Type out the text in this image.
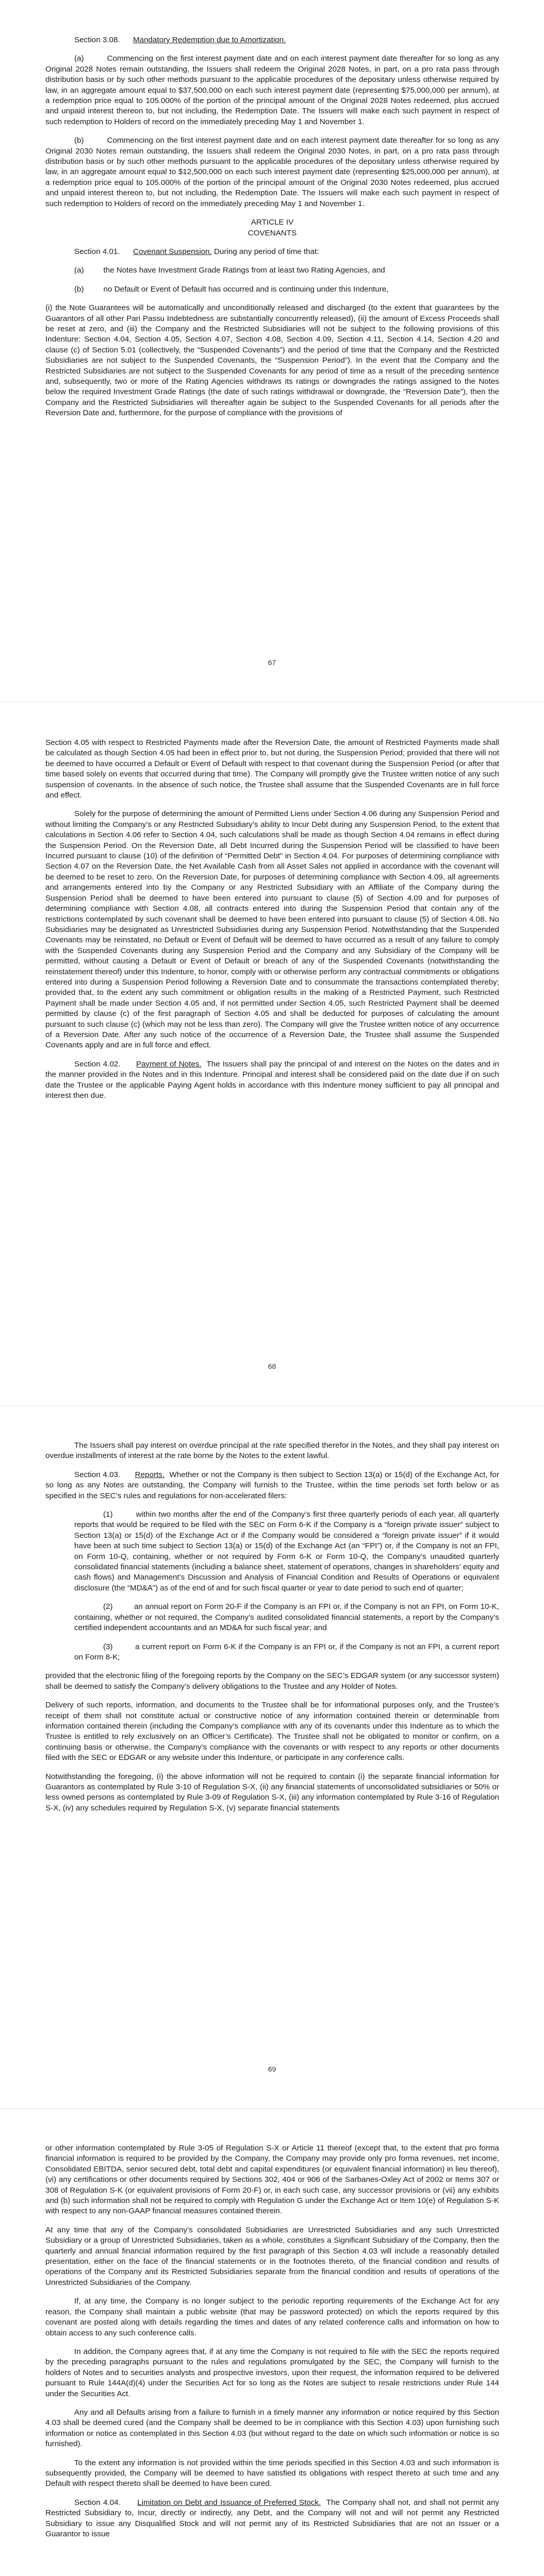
Section 3.08. Mandatory Redemption due to Amortization.

(a)	Commencing on the first interest payment date and on each interest payment date thereafter for so long as any Original 2028 Notes remain outstanding, the Issuers shall redeem the Original 2028 Notes, in part, on a pro rata pass through distribution basis or by such other methods pursuant to the applicable procedures of the depositary unless otherwise required by law, in an aggregate amount equal to $37,500,000 on each such interest payment date (representing $75,000,000 per annum), at a redemption price equal to 105.000% of the portion of the principal amount of the Original 2028 Notes redeemed, plus accrued and unpaid interest thereon to, but not including, the Redemption Date. The Issuers will make each such payment in respect of such redemption to Holders of record on the immediately preceding May 1 and November 1.

(b)	Commencing on the first interest payment date and on each interest payment date thereafter for so long as any Original 2030 Notes remain outstanding, the Issuers shall redeem the Original 2030 Notes, in part, on a pro rata pass through distribution basis or by such other methods pursuant to the applicable procedures of the depositary unless otherwise required by law, in an aggregate amount equal to $12,500,000 on each such interest payment date (representing $25,000,000 per annum), at a redemption price equal to 105.000% of the portion of the principal amount of the Original 2030 Notes redeemed, plus accrued and unpaid interest thereon to, but not including, the Redemption Date. The Issuers will make each such payment in respect of such redemption to Holders of record on the immediately preceding May 1 and November 1.

ARTICLE IV

COVENANTS

Section 4.01. Covenant Suspension. During any period of time that:

(a) the Notes have Investment Grade Ratings from at least two Rating Agencies, and

(b) no Default or Event of Default has occurred and is continuing under this Indenture,

(i) the Note Guarantees will be automatically and unconditionally released and discharged (to the extent that guarantees by the Guarantors of all other Pari Passu Indebtedness are substantially concurrently released), (ii) the amount of Excess Proceeds shall be reset at zero, and (iii) the Company and the Restricted Subsidiaries will not be subject to the following provisions of this Indenture: Section 4.04, Section 4.05, Section 4.07, Section 4.08, Section 4.09, Section 4.11, Section 4.14, Section 4.20 and clause (c) of Section 5.01 (collectively, the “Suspended Covenants”) and the period of time that the Company and the Restricted Subsidiaries are not subject to the Suspended Covenants, the “Suspension Period”). In the event that the Company and the Restricted Subsidiaries are not subject to the Suspended Covenants for any period of time as a result of the preceding sentence and, subsequently, two or more of the Rating Agencies withdraws its ratings or downgrades the ratings assigned to the Notes below the required Investment Grade Ratings (the date of such ratings withdrawal or downgrade, the “Reversion Date”), then the Company and the Restricted Subsidiaries will thereafter again be subject to the Suspended Covenants for all periods after the Reversion Date and, furthermore, for the purpose of compliance with the provisions of

67

Section 4.05 with respect to Restricted Payments made after the Reversion Date, the amount of Restricted Payments made shall be calculated as though Section 4.05 had been in effect prior to, but not during, the Suspension Period; provided that there will not be deemed to have occurred a Default or Event of Default with respect to that covenant during the Suspension Period (or after that time based solely on events that occurred during that time). The Company will promptly give the Trustee written notice of any such suspension of covenants. In the absence of such notice, the Trustee shall assume that the Suspended Covenants are in full force and effect.

Solely for the purpose of determining the amount of Permitted Liens under Section 4.06 during any Suspension Period and without limiting the Company’s or any Restricted Subsidiary’s ability to Incur Debt during any Suspension Period, to the extent that calculations in Section 4.06 refer to Section 4.04, such calculations shall be made as though Section 4.04 remains in effect during the Suspension Period. On the Reversion Date, all Debt Incurred during the Suspension Period will be classified to have been Incurred pursuant to clause (10) of the definition of “Permitted Debt” in Section 4.04. For purposes of determining compliance with Section 4.07 on the Reversion Date, the Net Available Cash from all Asset Sales not applied in accordance with the covenant will be deemed to be reset to zero. On the Reversion Date, for purposes of determining compliance with Section 4.09, all agreements and arrangements entered into by the Company or any Restricted Subsidiary with an Affiliate of the Company during the Suspension Period shall be deemed to have been entered into pursuant to clause (5) of Section 4.09 and for purposes of determining compliance with Section 4.08, all contracts entered into during the Suspension Period that contain any of the restrictions contemplated by such covenant shall be deemed to have been entered into pursuant to clause (5) of Section 4.08. No Subsidiaries may be designated as Unrestricted Subsidiaries during any Suspension Period. Notwithstanding that the Suspended Covenants may be reinstated, no Default or Event of Default will be deemed to have occurred as a result of any failure to comply with the Suspended Covenants during any Suspension Period and the Company and any Subsidiary of the Company will be permitted, without causing a Default or Event of Default or breach of any of the Suspended Covenants (notwithstanding the reinstatement thereof) under this Indenture, to honor, comply with or otherwise perform any contractual commitments or obligations entered into during a Suspension Period following a Reversion Date and to consummate the transactions contemplated thereby; provided that, to the extent any such commitment or obligation results in the making of a Restricted Payment, such Restricted Payment shall be made under Section 4.05 and, if not permitted under Section 4.05, such Restricted Payment shall be deemed permitted by clause (c) of the first paragraph of Section 4.05 and shall be deducted for purposes of calculating the amount pursuant to such clause (c) (which may not be less than zero). The Company will give the Trustee written notice of any occurrence of a Reversion Date. After any such notice of the occurrence of a Reversion Date, the Trustee shall assume the Suspended Covenants apply and are in full force and effect.

Section 4.02. Payment of Notes. The Issuers shall pay the principal of and interest on the Notes on the dates and in the manner provided in the Notes and in this Indenture. Principal and interest shall be considered paid on the date due if on such date the Trustee or the applicable Paying Agent holds in accordance with this Indenture money sufficient to pay all principal and interest then due.

68

The Issuers shall pay interest on overdue principal at the rate specified therefor in the Notes, and they shall pay interest on overdue installments of interest at the rate borne by the Notes to the extent lawful.

Section 4.03. Reports. Whether or not the Company is then subject to Section 13(a) or 15(d) of the Exchange Act, for so long as any Notes are outstanding, the Company will furnish to the Trustee, within the time periods set forth below or as specified in the SEC’s rules and regulations for non-accelerated filers:

(1)	within two months after the end of the Company’s first three quarterly periods of each year, all quarterly reports that would be required to be filed with the SEC on Form 6-K if the Company is a “foreign private issuer” subject to Section 13(a) or 15(d) of the Exchange Act or if the Company would be considered a “foreign private issuer” if it would have been at such time subject to Section 13(a) or 15(d) of the Exchange Act (an “FPI”) or, if the Company is not an FPI, on Form 10-Q, containing, whether or not required by Form 6-K or Form 10-Q, the Company’s unaudited quarterly consolidated financial statements (including a balance sheet, statement of operations, changes in shareholders’ equity and cash flows) and Management’s Discussion and Analysis of Financial Condition and Results of Operations or equivalent disclosure (the “MD&A”) as of the end of and for such fiscal quarter or year to date period to such end of quarter;

(2)	an annual report on Form 20-F if the Company is an FPI or, if the Company is not an FPI, on Form 10-K, containing, whether or not required, the Company’s audited consolidated financial statements, a report by the Company’s certified independent accountants and an MD&A for such fiscal year; and

(3)	a current report on Form 6-K if the Company is an FPI or, if the Company is not an FPI, a current report on Form 8-K;

provided that the electronic filing of the foregoing reports by the Company on the SEC’s EDGAR system (or any successor system) shall be deemed to satisfy the Company’s delivery obligations to the Trustee and any Holder of Notes.

Delivery of such reports, information, and documents to the Trustee shall be for informational purposes only, and the Trustee’s receipt of them shall not constitute actual or constructive notice of any information contained therein or determinable from information contained therein (including the Company’s compliance with any of its covenants under this Indenture as to which the Trustee is entitled to rely exclusively on an Officer’s Certificate). The Trustee shall not be obligated to monitor or confirm, on a continuing basis or otherwise, the Company’s compliance with the covenants or with respect to any reports or other documents filed with the SEC or EDGAR or any website under this Indenture, or participate in any conference calls.

Notwithstanding the foregoing, (i) the above information will not be required to contain (i) the separate financial information for Guarantors as contemplated by Rule 3-10 of Regulation S-X, (ii) any financial statements of unconsolidated subsidiaries or 50% or less owned persons as contemplated by Rule 3-09 of Regulation S-X, (iii) any information contemplated by Rule 3-16 of Regulation S-X, (iv) any schedules required by Regulation S-X, (v) separate financial statements

69

or other information contemplated by Rule 3-05 of Regulation S-X or Article 11 thereof (except that, to the extent that pro forma financial information is required to be provided by the Company, the Company may provide only pro forma revenues, net income, Consolidated EBITDA, senior secured debt, total debt and capital expenditures (or equivalent financial information) in lieu thereof), (vi) any certifications or other documents required by Sections 302, 404 or 906 of the Sarbanes-Oxley Act of 2002 or Items 307 or 308 of Regulation S-K (or equivalent provisions of Form 20-F) or, in each such case, any successor provisions or (vii) any exhibits and (b) such information shall not be required to comply with Regulation G under the Exchange Act or Item 10(e) of Regulation S-K with respect to any non-GAAP financial measures contained therein.

At any time that any of the Company’s consolidated Subsidiaries are Unrestricted Subsidiaries and any such Unrestricted Subsidiary or a group of Unrestricted Subsidiaries, taken as a whole, constitutes a Significant Subsidiary of the Company, then the quarterly and annual financial information required by the first paragraph of this Section 4.03 will include a reasonably detailed presentation, either on the face of the financial statements or in the footnotes thereto, of the financial condition and results of operations of the Company and its Restricted Subsidiaries separate from the financial condition and results of operations of the Unrestricted Subsidiaries of the Company.

If, at any time, the Company is no longer subject to the periodic reporting requirements of the Exchange Act for any reason, the Company shall maintain a public website (that may be password protected) on which the reports required by this covenant are posted along with details regarding the times and dates of any related conference calls and information on how to obtain access to any such conference calls.

In addition, the Company agrees that, if at any time the Company is not required to file with the SEC the reports required by the preceding paragraphs pursuant to the rules and regulations promulgated by the SEC, the Company will furnish to the holders of Notes and to securities analysts and prospective investors, upon their request, the information required to be delivered pursuant to Rule 144A(d)(4) under the Securities Act for so long as the Notes are subject to resale restrictions under Rule 144 under the Securities Act.

Any and all Defaults arising from a failure to furnish in a timely manner any information or notice required by this Section 4.03 shall be deemed cured (and the Company shall be deemed to be in compliance with this Section 4.03) upon furnishing such information or notice as contemplated in this Section 4.03 (but without regard to the date on which such information or notice is so furnished).

To the extent any information is not provided within the time periods specified in this Section 4.03 and such information is subsequently provided, the Company will be deemed to have satisfied its obligations with respect thereto at such time and any Default with respect thereto shall be deemed to have been cured.

Section 4.04. Limitation on Debt and Issuance of Preferred Stock. The Company shall not, and shall not permit any Restricted Subsidiary to, Incur, directly or indirectly, any Debt, and the Company will not and will not permit any Restricted Subsidiary to issue any Disqualified Stock and will not permit any of its Restricted Subsidiaries that are not an Issuer or a Guarantor to issue
